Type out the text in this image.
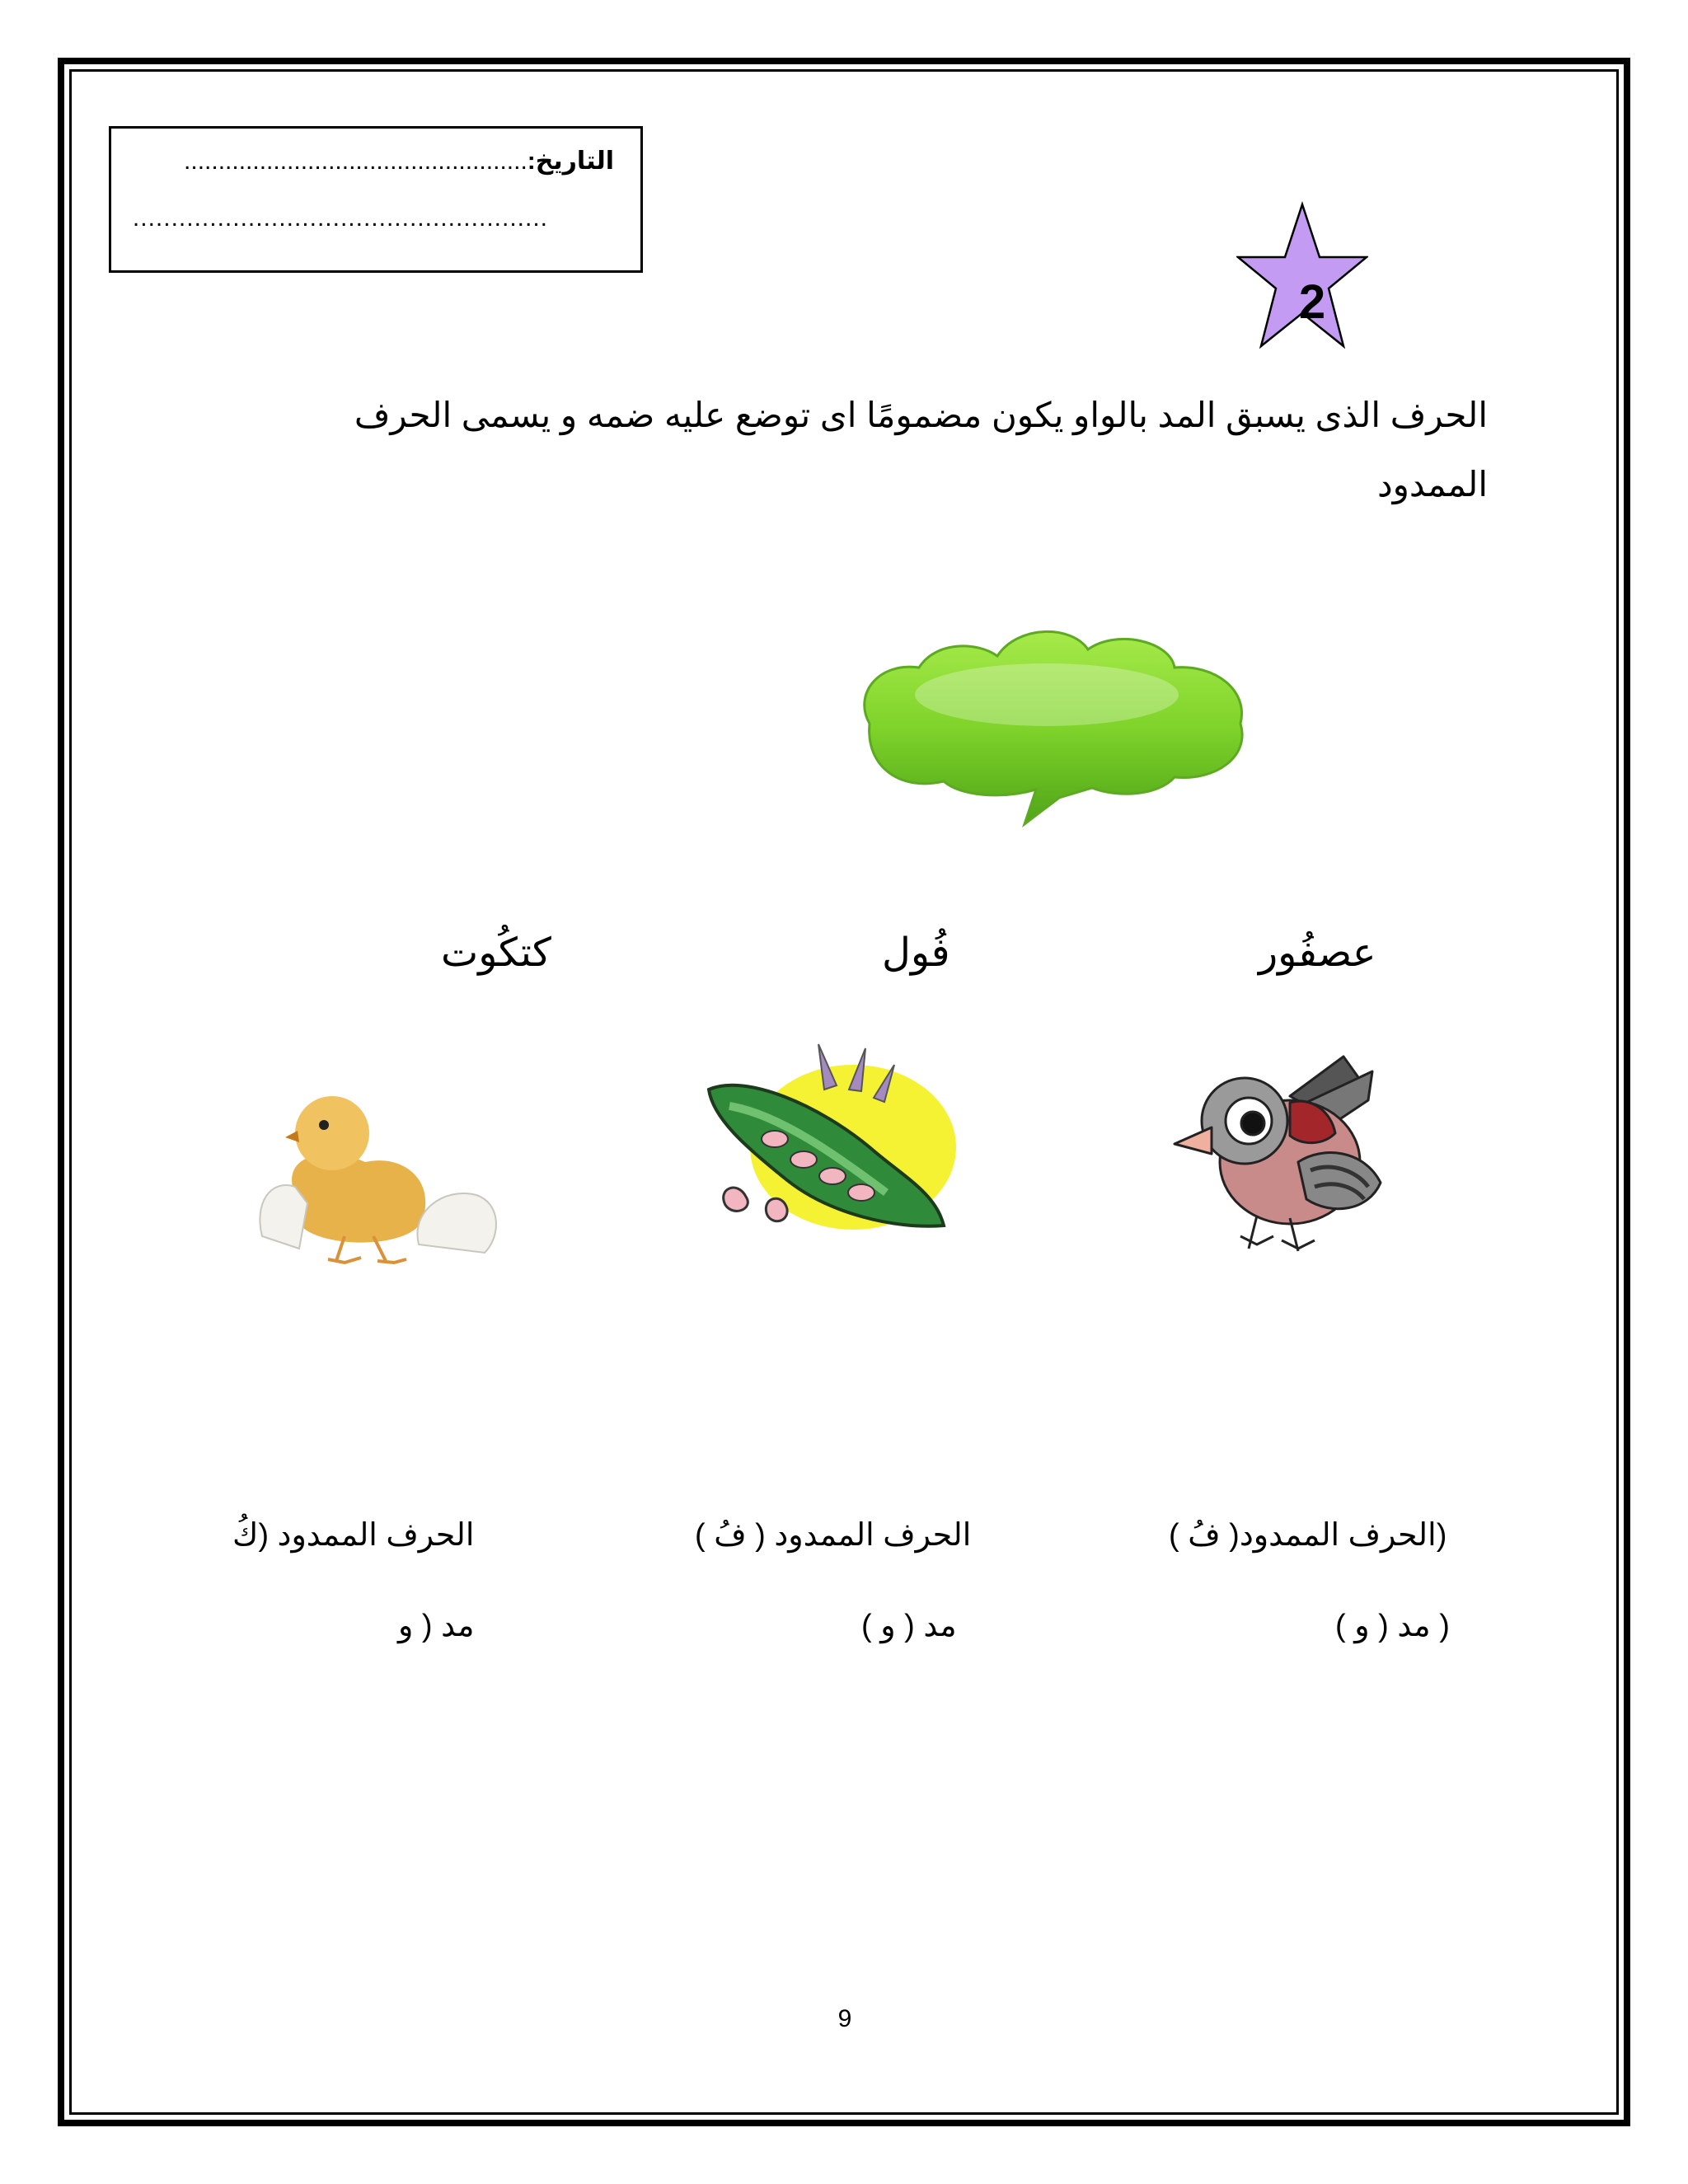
التاريخ:..................................................
......................................................
2
الحرف الذى يسبق المد بالواو يكون مضمومًا اى توضع عليه ضمه و يسمى الحرف
الممدود
عصفُور
فُول
كتكُوت
(الحرف الممدود( فُ )
( مد ( و )
الحرف الممدود ( فُ )
مد ( و )
الحرف الممدود (كُ
مد ( و
9
